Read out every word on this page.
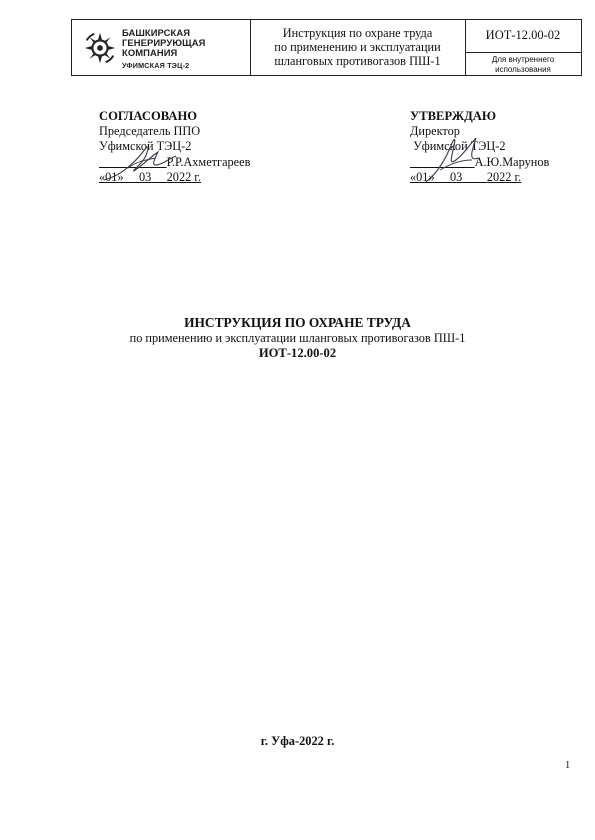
БАШКИРСКАЯ
ГЕНЕРИРУЮЩАЯ
КОМПАНИЯ
УФИМСКАЯ ТЭЦ-2
Инструкция по охране труда
по применению и эксплуатации
шланговых противогазов ПШ-1
ИОТ-12.00-02
Для внутреннего
использования
СОГЛАСОВАНО
Председатель ППО
Уфимской ТЭЦ-2
Р.Р.Ахметгареев
«01» 03 2022 г.
УТВЕРЖДАЮ
Директор
Уфимской ТЭЦ-2
А.Ю.Марунов
«01» 03 2022 г.
ИНСТРУКЦИЯ ПО ОХРАНЕ ТРУДА
по применению и эксплуатации шланговых противогазов ПШ-1
ИОТ-12.00-02
г. Уфа-2022 г.
1
